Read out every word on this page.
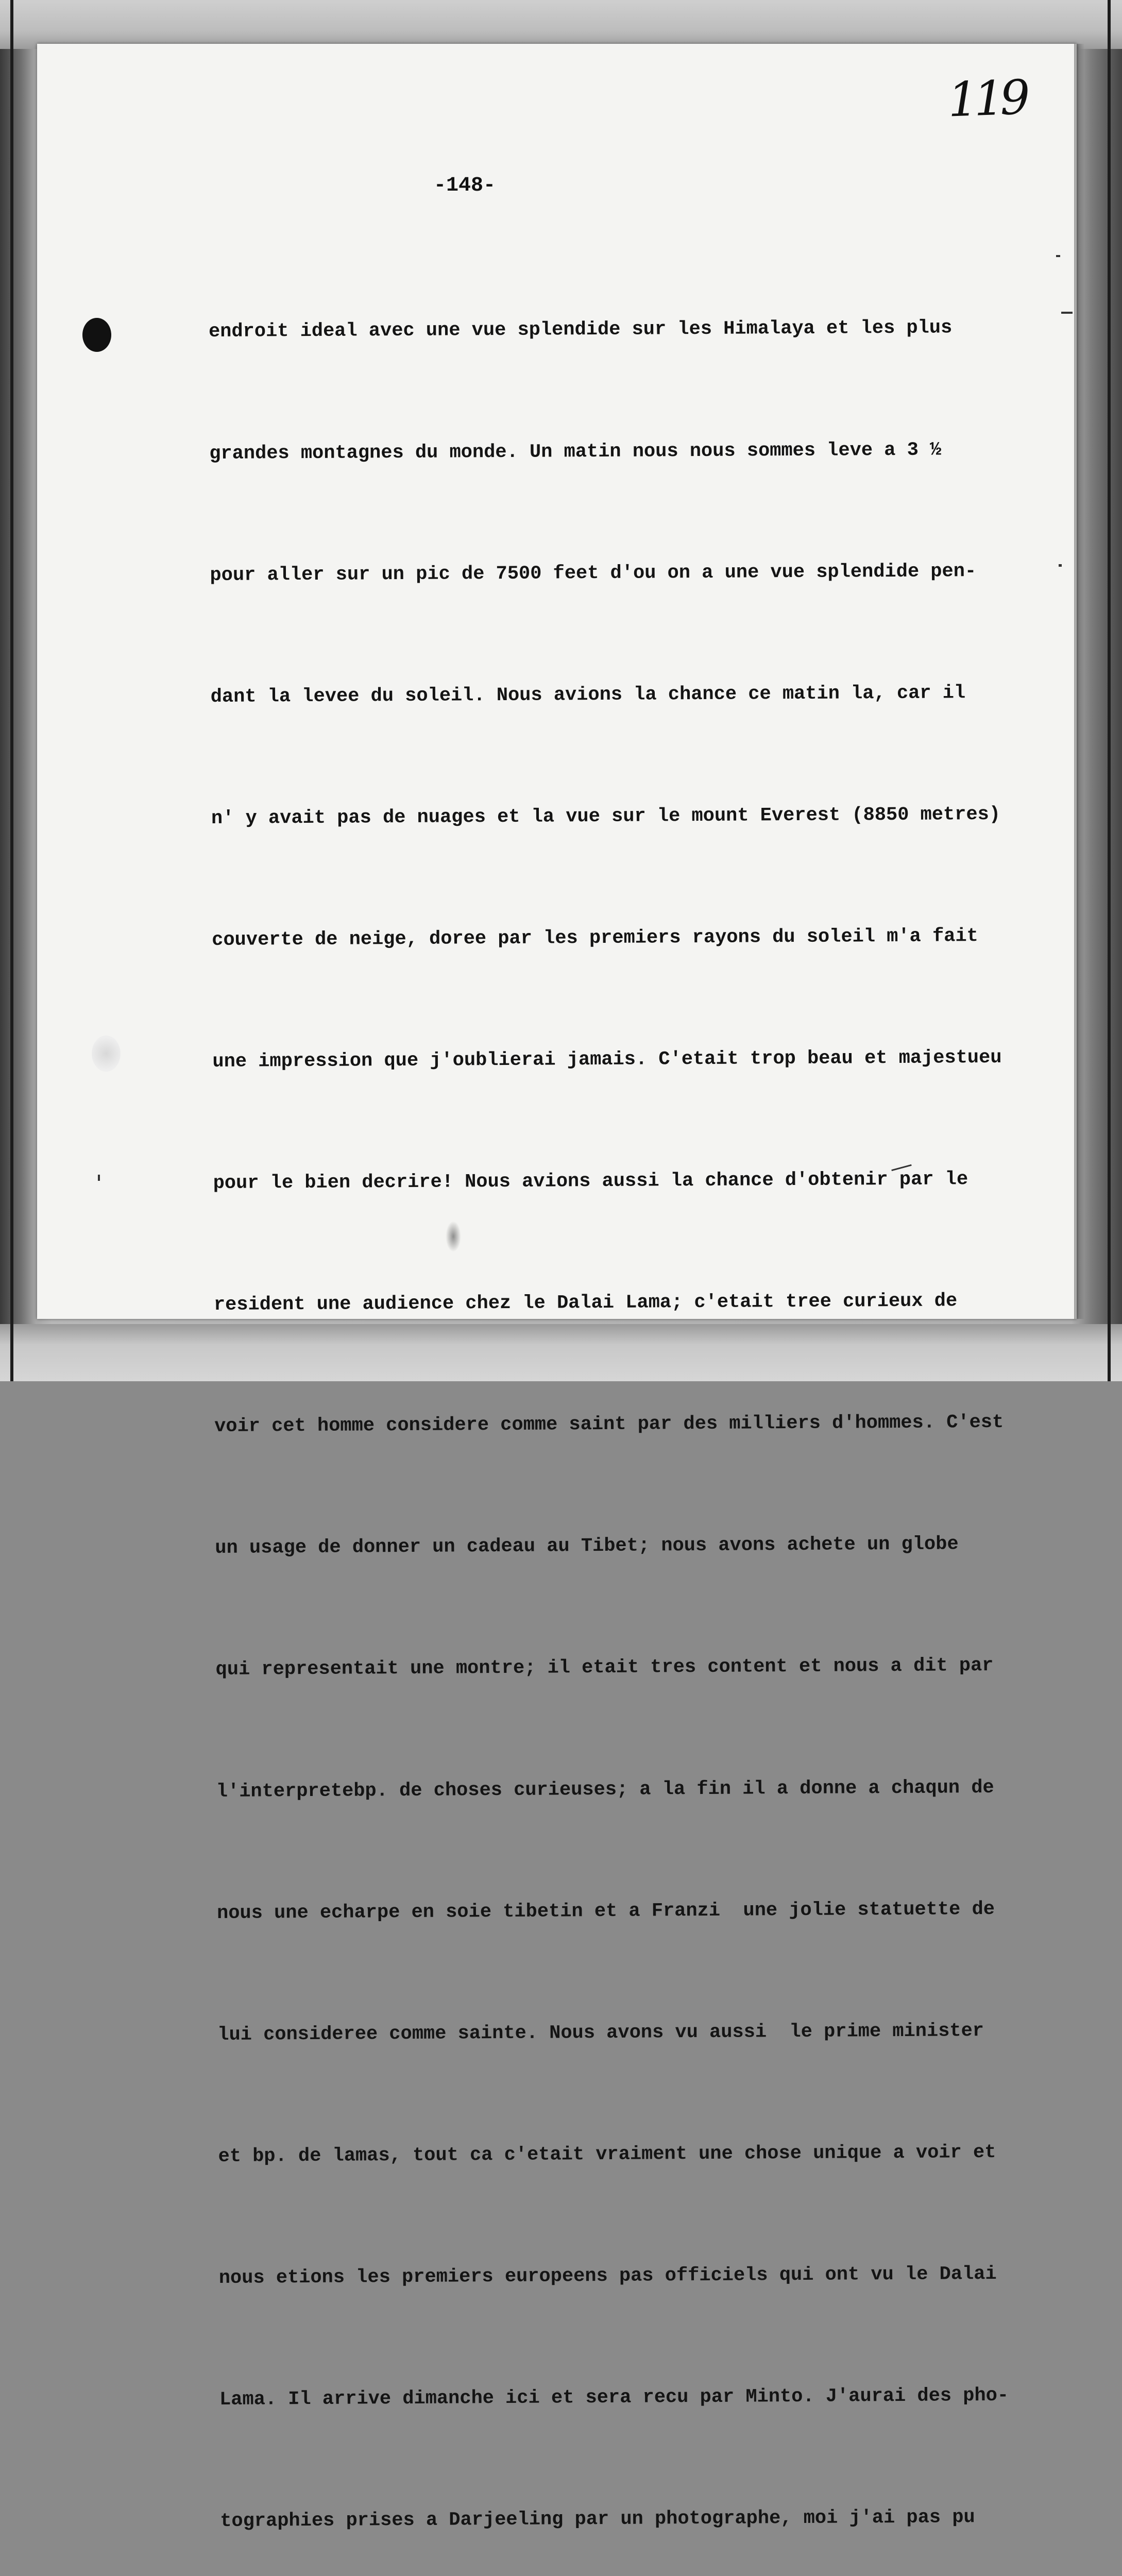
119
-148-

endroit ideal avec une vue splendide sur les Himalaya et les plus

grandes montagnes du monde. Un matin nous nous sommes leve a 3 ½

pour aller sur un pic de 7500 feet d'ou on a une vue splendide pen-

dant la levee du soleil. Nous avions la chance ce matin la, car il

n' y avait pas de nuages et la vue sur le mount Everest (8850 metres)

couverte de neige, doree par les premiers rayons du soleil m'a fait

une impression que j'oublierai jamais. C'etait trop beau et majestueu

pour le bien decrire! Nous avions aussi la chance d'obtenir par le

resident une audience chez le Dalai Lama; c'etait tree curieux de

voir cet homme considere comme saint par des milliers d'hommes. C'est

un usage de donner un cadeau au Tibet; nous avons achete un globe

qui representait une montre; il etait tres content et nous a dit par

l'interpretebp. de choses curieuses; a la fin il a donne a chaqun de

nous une echarpe en soie tibetin et a Franzi  une jolie statuette de

lui consideree comme sainte. Nous avons vu aussi  le prime minister

et bp. de lamas, tout ca c'etait vraiment une chose unique a voir et

nous etions les premiers europeens pas officiels qui ont vu le Dalai

Lama. Il arrive dimanche ici et sera recu par Minto. J'aurai des pho-

tographies prises a Darjeeling par un photographe, moi j'ai pas pu
